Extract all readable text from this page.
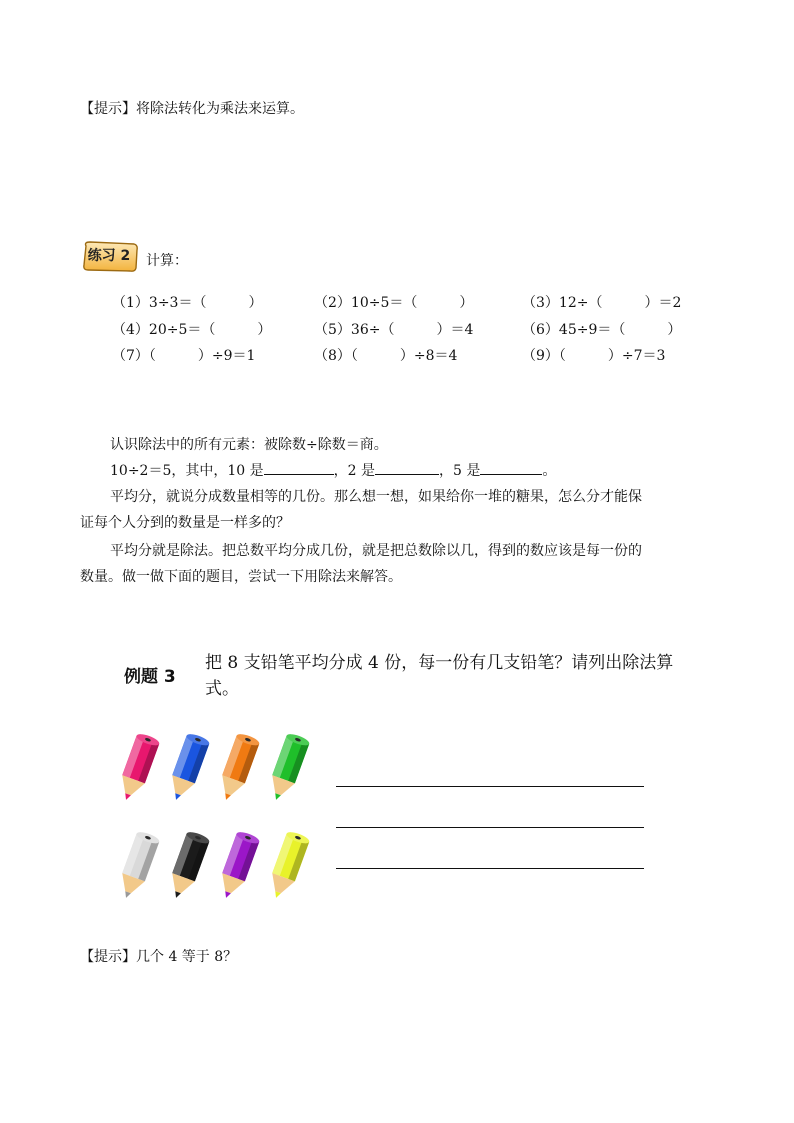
【提示】将除法转化为乘法来运算。
练习 2	计算：
（1）3÷3＝（　　　）	（2）10÷5＝（　　　）	（3）12÷（　　　）＝2
（4）20÷5＝（　　　）	（5）36÷（　　　）＝4	（6）45÷9＝（　　　）
（7）（　　　）÷9＝1	（8）（　　　）÷8＝4	（9）（　　　）÷7＝3
认识除法中的所有元素：被除数÷除数＝商。
10÷2＝5，其中，10 是	，2 是	，5 是	。
平均分，就说分成数量相等的几份。那么想一想，如果给你一堆的糖果，怎么分才能保
证每个人分到的数量是一样多的？
平均分就是除法。把总数平均分成几份，就是把总数除以几，得到的数应该是每一份的
数量。做一做下面的题目，尝试一下用除法来解答。
例题 3
把 8 支铅笔平均分成 4 份，每一份有几支铅笔？请列出除法算式。
【提示】几个 4 等于 8？
